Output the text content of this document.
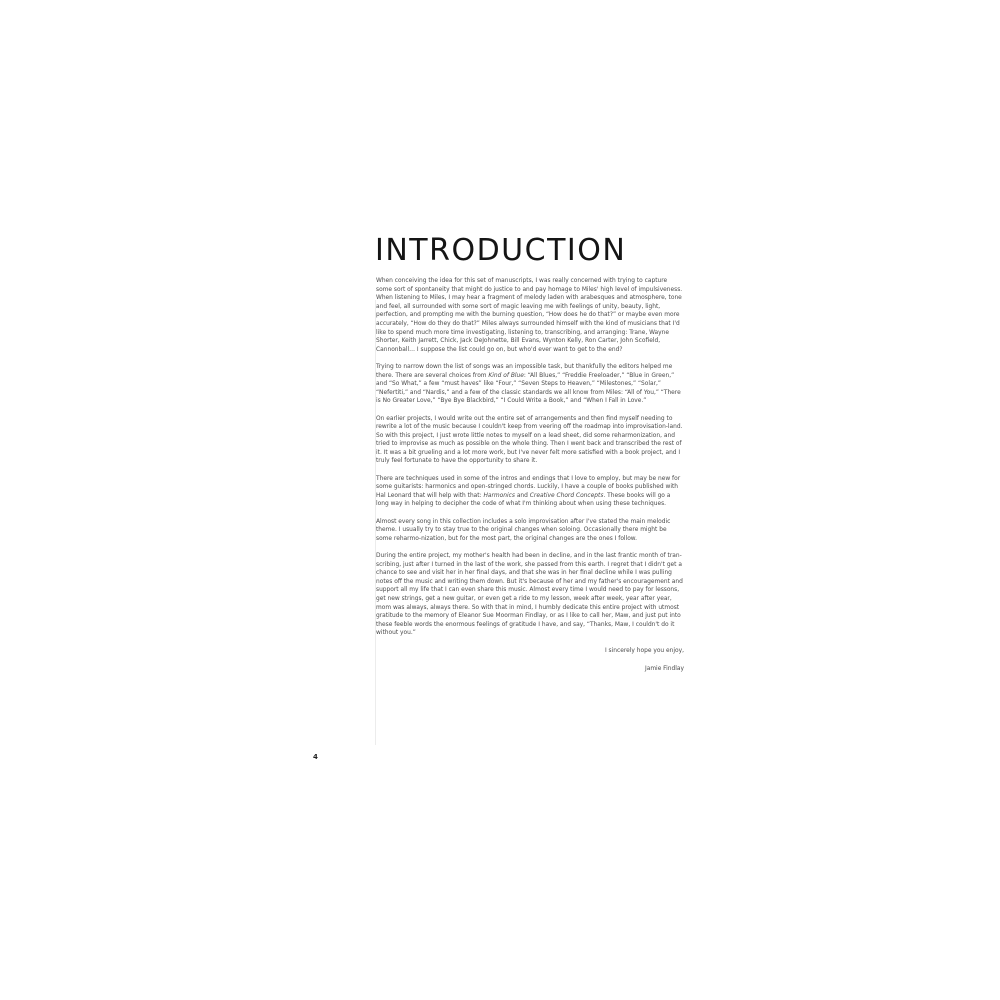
INTRODUCTION

When conceiving the idea for this set of manuscripts, I was really concerned with trying to capture some sort of spontaneity that might do justice to and pay homage to Miles' high level of impulsiveness. When listening to Miles, I may hear a fragment of melody laden with arabesques and atmosphere, tone and feel, all surrounded with some sort of magic leaving me with feelings of unity, beauty, light, perfection, and prompting me with the burning question, “How does he do that?” or maybe even more accurately, “How do they do that?” Miles always surrounded himself with the kind of musicians that I'd like to spend much more time investigating, listening to, transcribing, and arranging: Trane, Wayne Shorter, Keith Jarrett, Chick, Jack DeJohnette, Bill Evans, Wynton Kelly, Ron Carter, John Scofield, Cannonball… I suppose the list could go on, but who'd ever want to get to the end?

Trying to narrow down the list of songs was an impossible task, but thankfully the editors helped me there. There are several choices from Kind of Blue: “All Blues,” “Freddie Freeloader,” “Blue in Green,” and “So What,” a few “must haves” like “Four,” “Seven Steps to Heaven,” “Milestones,” “Solar,” “Nefertiti,” and “Nardis,” and a few of the classic standards we all know from Miles: “All of You,” “There is No Greater Love,” “Bye Bye Blackbird,” “I Could Write a Book,” and “When I Fall in Love.”

On earlier projects, I would write out the entire set of arrangements and then find myself needing to rewrite a lot of the music because I couldn't keep from veering off the roadmap into improvisation-land. So with this project, I just wrote little notes to myself on a lead sheet, did some reharmonization, and tried to improvise as much as possible on the whole thing. Then I went back and transcribed the rest of it. It was a bit grueling and a lot more work, but I've never felt more satisfied with a book project, and I truly feel fortunate to have the opportunity to share it.

There are techniques used in some of the intros and endings that I love to employ, but may be new for some guitarists: harmonics and open-stringed chords. Luckily, I have a couple of books published with Hal Leonard that will help with that: Harmonics and Creative Chord Concepts. These books will go a long way in helping to decipher the code of what I'm thinking about when using these techniques.

Almost every song in this collection includes a solo improvisation after I've stated the main melodic theme. I usually try to stay true to the original changes when soloing. Occasionally there might be some reharmo-nization, but for the most part, the original changes are the ones I follow.

During the entire project, my mother's health had been in decline, and in the last frantic month of tran-scribing, just after I turned in the last of the work, she passed from this earth. I regret that I didn't get a chance to see and visit her in her final days, and that she was in her final decline while I was pulling notes off the music and writing them down. But it's because of her and my father's encouragement and support all my life that I can even share this music. Almost every time I would need to pay for lessons, get new strings, get a new guitar, or even get a ride to my lesson, week after week, year after year, mom was always, always there. So with that in mind, I humbly dedicate this entire project with utmost gratitude to the memory of Eleanor Sue Moorman Findlay, or as I like to call her, Maw, and just put into these feeble words the enormous feelings of gratitude I have, and say, “Thanks, Maw, I couldn't do it without you.”

I sincerely hope you enjoy,

Jamie Findlay

4
